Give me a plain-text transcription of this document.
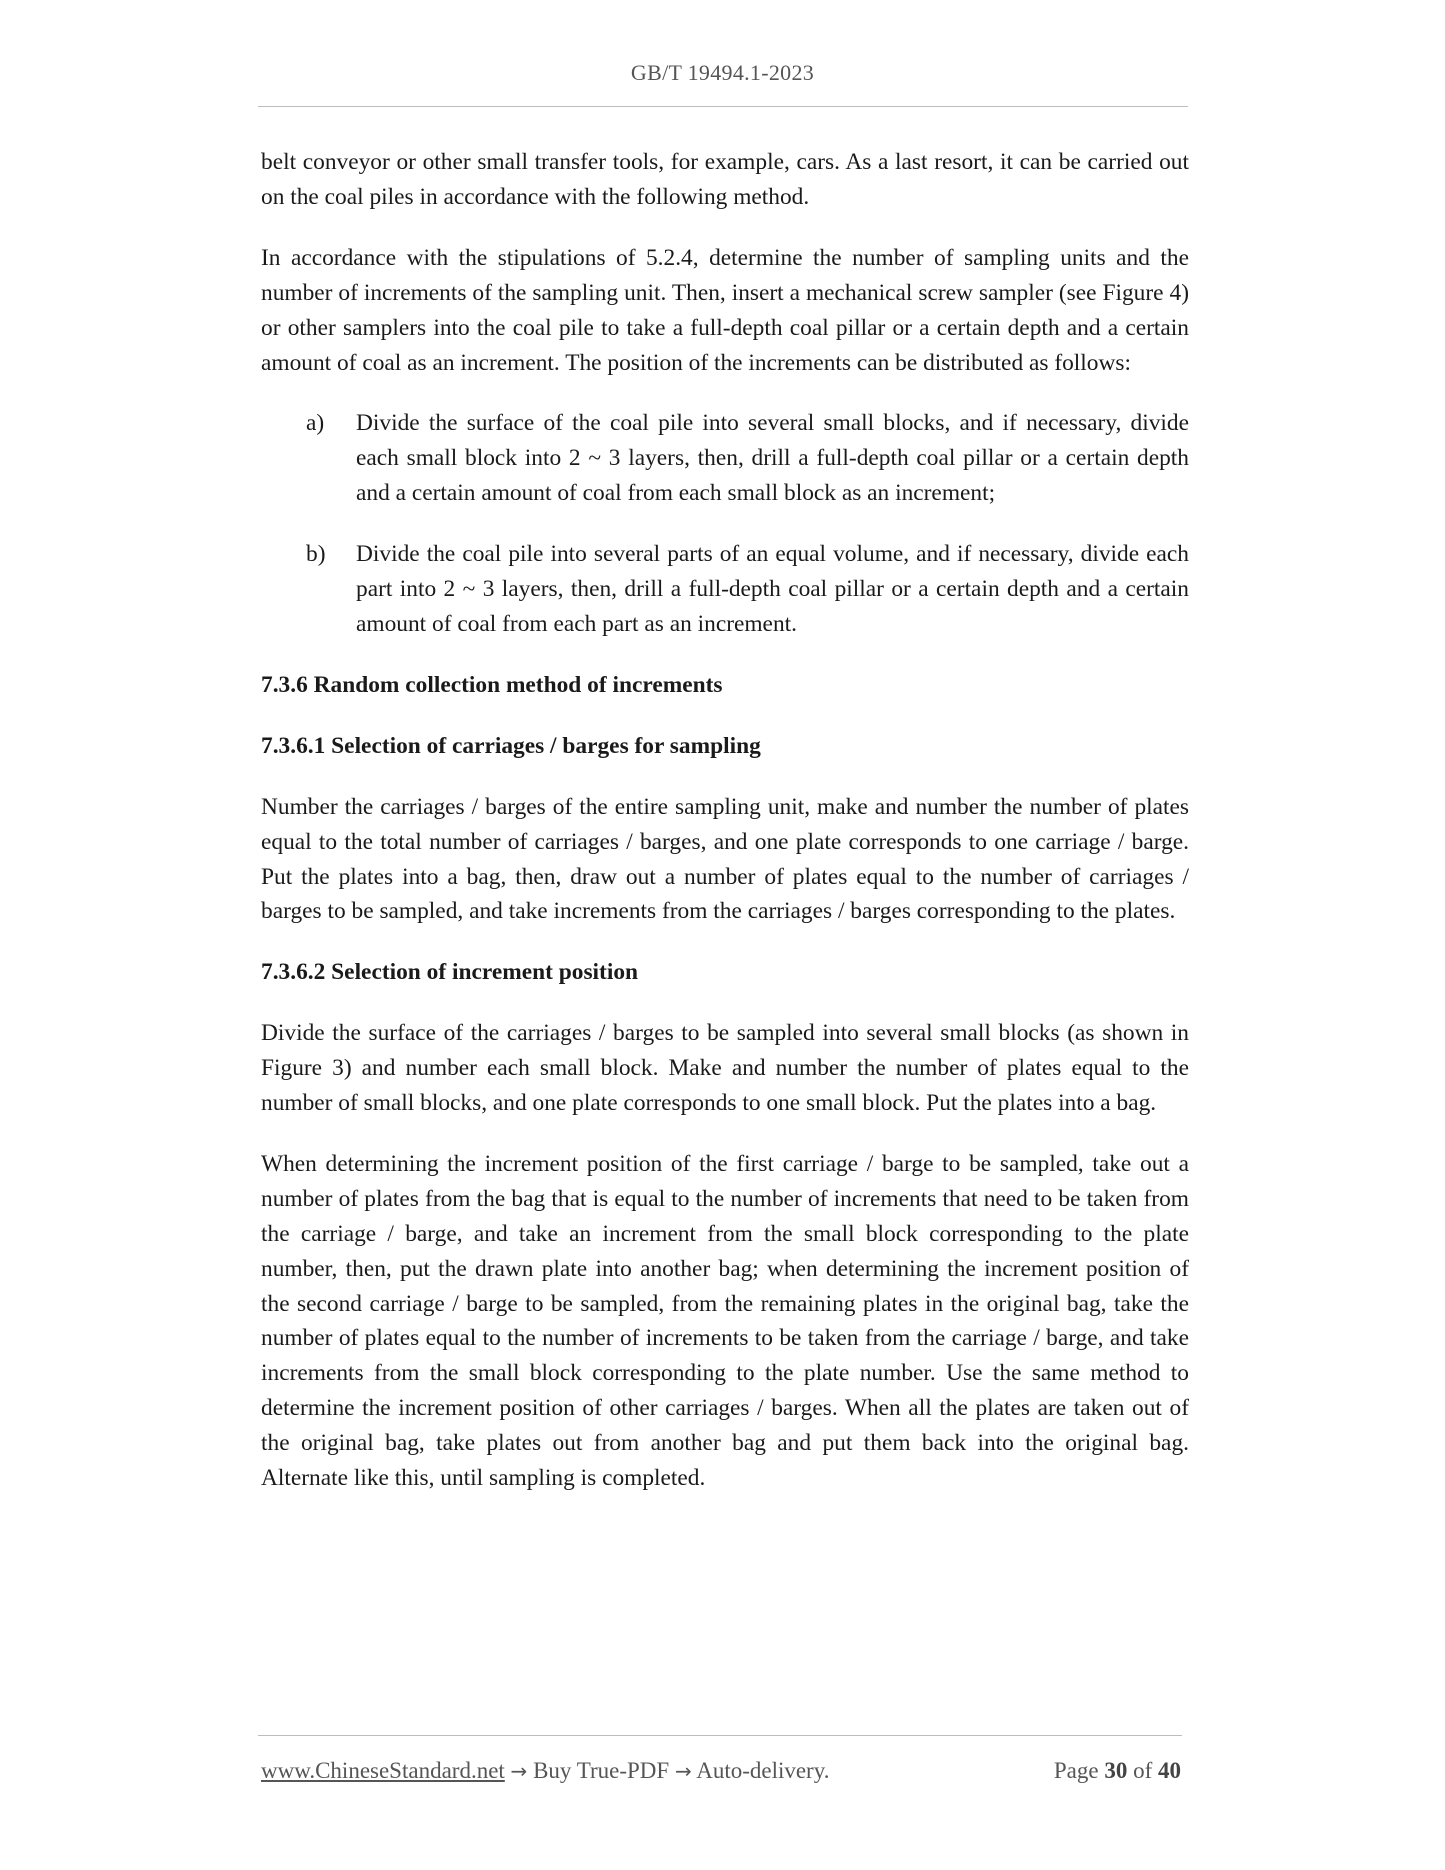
GB/T 19494.1-2023

belt conveyor or other small transfer tools, for example, cars. As a last resort, it can be carried out on the coal piles in accordance with the following method.

In accordance with the stipulations of 5.2.4, determine the number of sampling units and the number of increments of the sampling unit. Then, insert a mechanical screw sampler (see Figure 4) or other samplers into the coal pile to take a full-depth coal pillar or a certain depth and a certain amount of coal as an increment. The position of the increments can be distributed as follows:

a)	Divide the surface of the coal pile into several small blocks, and if necessary, divide each small block into 2 ~ 3 layers, then, drill a full-depth coal pillar or a certain depth and a certain amount of coal from each small block as an increment;
b)	Divide the coal pile into several parts of an equal volume, and if necessary, divide each part into 2 ~ 3 layers, then, drill a full-depth coal pillar or a certain depth and a certain amount of coal from each part as an increment.

7.3.6 Random collection method of increments

7.3.6.1 Selection of carriages / barges for sampling

Number the carriages / barges of the entire sampling unit, make and number the number of plates equal to the total number of carriages / barges, and one plate corresponds to one carriage / barge. Put the plates into a bag, then, draw out a number of plates equal to the number of carriages / barges to be sampled, and take increments from the carriages / barges corresponding to the plates.

7.3.6.2 Selection of increment position

Divide the surface of the carriages / barges to be sampled into several small blocks (as shown in Figure 3) and number each small block. Make and number the number of plates equal to the number of small blocks, and one plate corresponds to one small block. Put the plates into a bag.

When determining the increment position of the first carriage / barge to be sampled, take out a number of plates from the bag that is equal to the number of increments that need to be taken from the carriage / barge, and take an increment from the small block corresponding to the plate number, then, put the drawn plate into another bag; when determining the increment position of the second carriage / barge to be sampled, from the remaining plates in the original bag, take the number of plates equal to the number of increments to be taken from the carriage / barge, and take increments from the small block corresponding to the plate number. Use the same method to determine the increment position of other carriages / barges. When all the plates are taken out of the original bag, take plates out from another bag and put them back into the original bag. Alternate like this, until sampling is completed.

www.ChineseStandard.net → Buy True-PDF → Auto-delivery.	Page 30 of 40
